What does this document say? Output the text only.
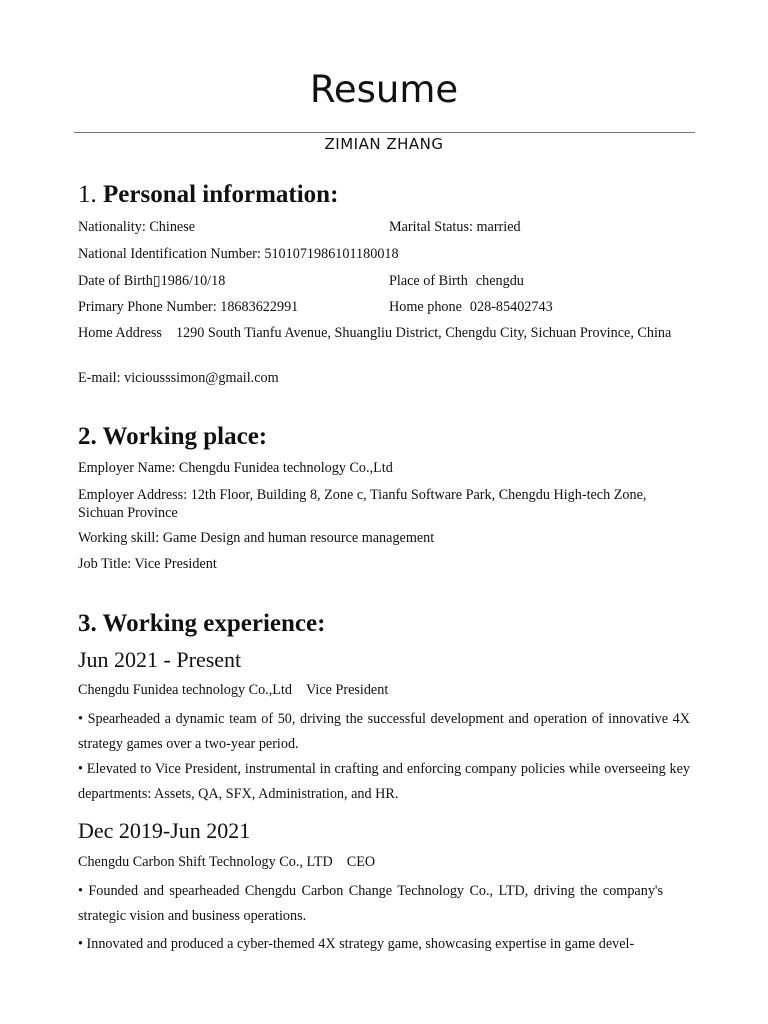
Resume
ZIMIAN ZHANG
1. Personal information:
Nationality: Chinese	Marital Status: married
National Identification Number: 5101071986101180018
Date of Birth▯1986/10/18	Place of Birth chengdu
Primary Phone Number: 18683622991	Home phone 028-85402743
Home Address 1290 South Tianfu Avenue, Shuangliu District, Chengdu City, Sichuan Province, China
E-mail: viciousssimon@gmail.com
2. Working place:
Employer Name: Chengdu Funidea technology Co.,Ltd
Employer Address: 12th Floor, Building 8, Zone c, Tianfu Software Park, Chengdu High-tech Zone, Sichuan Province
Working skill: Game Design and human resource management
Job Title: Vice President
3. Working experience:
Jun 2021 - Present
Chengdu Funidea technology Co.,Ltd Vice President
• Spearheaded a dynamic team of 50, driving the successful development and operation of innovative 4X strategy games over a two-year period.
• Elevated to Vice President, instrumental in crafting and enforcing company policies while overseeing key departments: Assets, QA, SFX, Administration, and HR.
Dec 2019-Jun 2021
Chengdu Carbon Shift Technology Co., LTD CEO
• Founded and spearheaded Chengdu Carbon Change Technology Co., LTD, driving the company's strategic vision and business operations.
• Innovated and produced a cyber-themed 4X strategy game, showcasing expertise in game devel-
